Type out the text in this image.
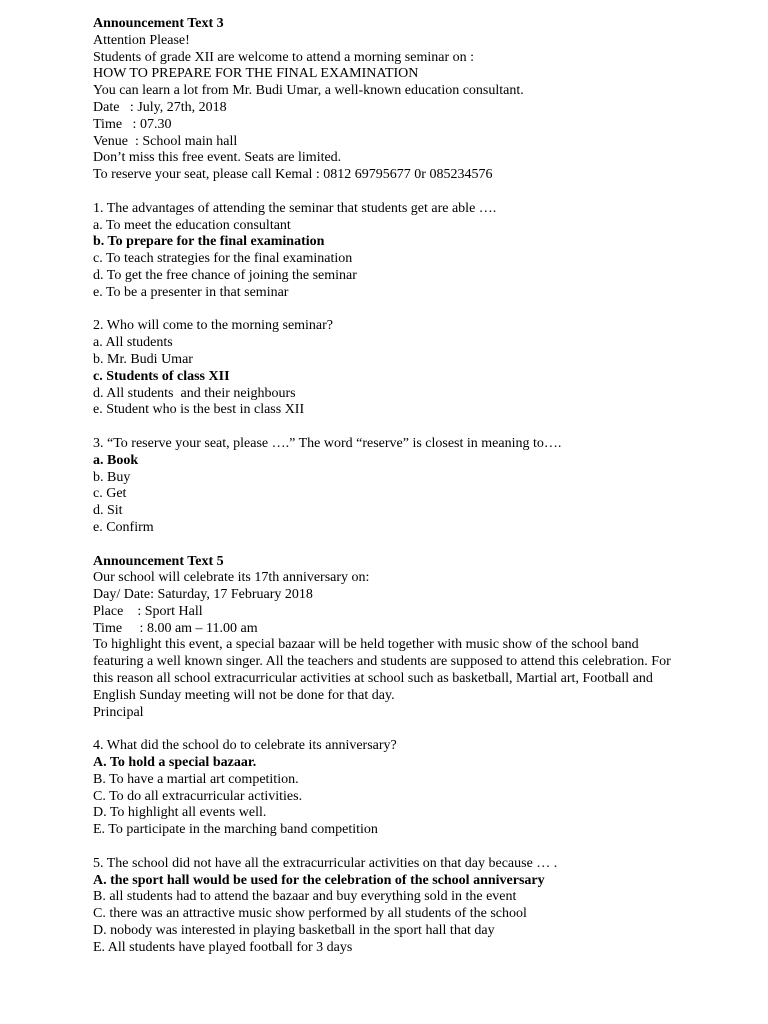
Announcement Text 3
Attention Please!
Students of grade XII are welcome to attend a morning seminar on :
HOW TO PREPARE FOR THE FINAL EXAMINATION
You can learn a lot from Mr. Budi Umar, a well-known education consultant.
Date   : July, 27th, 2018
Time   : 07.30
Venue  : School main hall
Don’t miss this free event. Seats are limited.
To reserve your seat, please call Kemal : 0812 69795677 0r 085234576
1. The advantages of attending the seminar that students get are able ….
a. To meet the education consultant
b. To prepare for the final examination
c. To teach strategies for the final examination
d. To get the free chance of joining the seminar
e. To be a presenter in that seminar
2. Who will come to the morning seminar?
a. All students
b. Mr. Budi Umar
c. Students of class XII
d. All students  and their neighbours
e. Student who is the best in class XII
3. “To reserve your seat, please ….” The word “reserve” is closest in meaning to….
a. Book
b. Buy
c. Get
d. Sit
e. Confirm
Announcement Text 5
Our school will celebrate its 17th anniversary on:
Day/ Date: Saturday, 17 February 2018
Place    : Sport Hall
Time     : 8.00 am – 11.00 am
To highlight this event, a special bazaar will be held together with music show of the school band featuring a well known singer. All the teachers and students are supposed to attend this celebration. For this reason all school extracurricular activities at school such as basketball, Martial art, Football and English Sunday meeting will not be done for that day.
Principal
4. What did the school do to celebrate its anniversary?
A. To hold a special bazaar.
B. To have a martial art competition.
C. To do all extracurricular activities.
D. To highlight all events well.
E. To participate in the marching band competition
5. The school did not have all the extracurricular activities on that day because … .
A. the sport hall would be used for the celebration of the school anniversary
B. all students had to attend the bazaar and buy everything sold in the event
C. there was an attractive music show performed by all students of the school
D. nobody was interested in playing basketball in the sport hall that day
E. All students have played football for 3 days
